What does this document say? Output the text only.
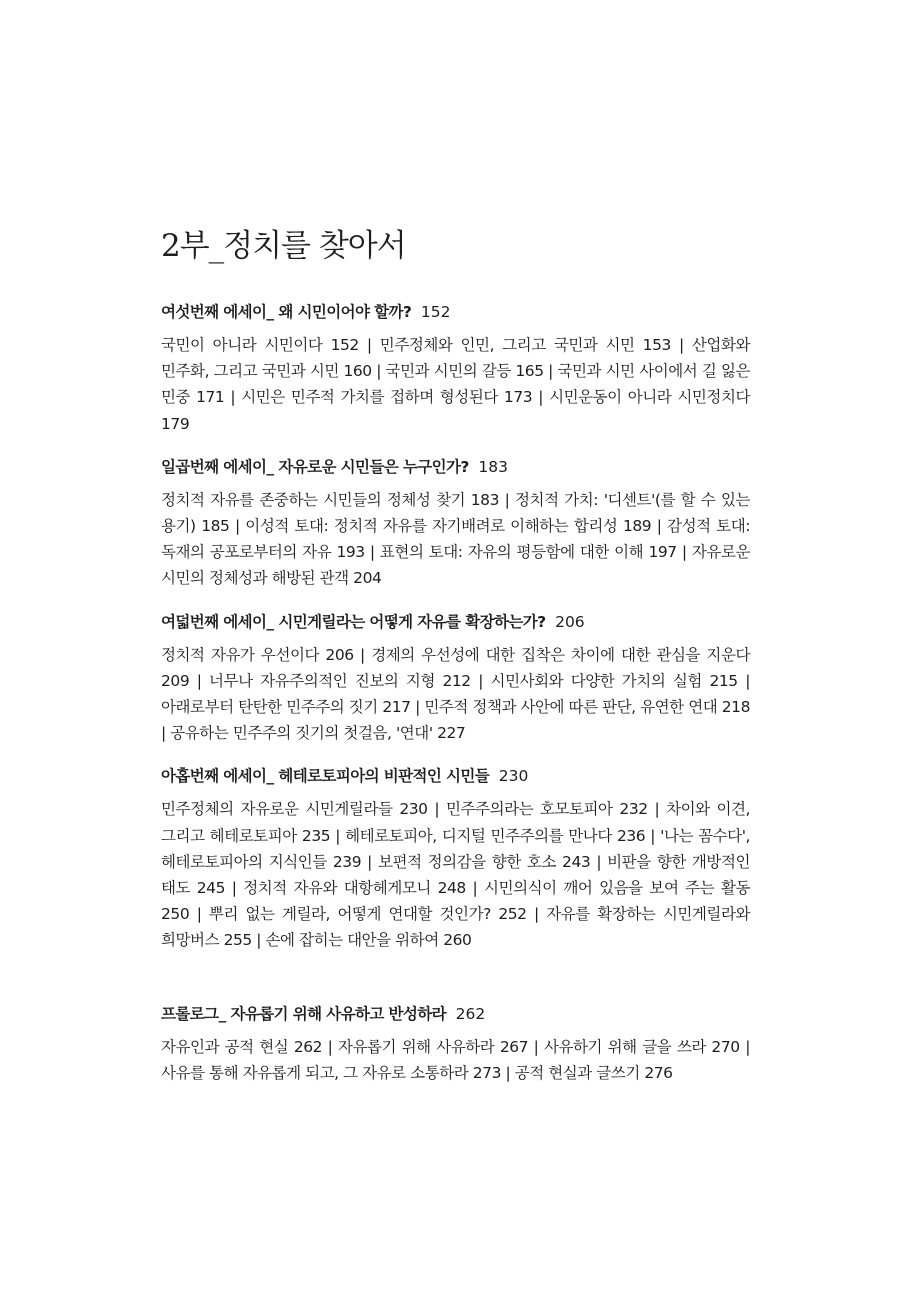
2부_정치를 찾아서
여섯번째 에세이_ 왜 시민이어야 할까? 152

국민이 아니라 시민이다 152 | 민주정체와 인민, 그리고 국민과 시민 153 | 산업화와 민주화, 그리고 국민과 시민 160 | 국민과 시민의 갈등 165 | 국민과 시민 사이에서 길 잃은 민중 171 | 시민은 민주적 가치를 접하며 형성된다 173 | 시민운동이 아니라 시민정치다 179

일곱번째 에세이_ 자유로운 시민들은 누구인가? 183

정치적 자유를 존중하는 시민들의 정체성 찾기 183 | 정치적 가치: '디센트'(를 할 수 있는 용기) 185 | 이성적 토대: 정치적 자유를 자기배려로 이해하는 합리성 189 | 감성적 토대: 독재의 공포로부터의 자유 193 | 표현의 토대: 자유의 평등함에 대한 이해 197 | 자유로운 시민의 정체성과 해방된 관객 204

여덟번째 에세이_ 시민게릴라는 어떻게 자유를 확장하는가? 206

정치적 자유가 우선이다 206 | 경제의 우선성에 대한 집착은 차이에 대한 관심을 지운다 209 | 너무나 자유주의적인 진보의 지형 212 | 시민사회와 다양한 가치의 실험 215 | 아래로부터 탄탄한 민주주의 짓기 217 | 민주적 정책과 사안에 따른 판단, 유연한 연대 218 | 공유하는 민주주의 짓기의 첫걸음, '연대' 227

아홉번째 에세이_ 헤테로토피아의 비판적인 시민들 230

민주정체의 자유로운 시민게릴라들 230 | 민주주의라는 호모토피아 232 | 차이와 이견, 그리고 헤테로토피아 235 | 헤테로토피아, 디지털 민주주의를 만나다 236 | '나는 꼼수다', 헤테로토피아의 지식인들 239 | 보편적 정의감을 향한 호소 243 | 비판을 향한 개방적인 태도 245 | 정치적 자유와 대항헤게모니 248 | 시민의식이 깨어 있음을 보여 주는 활동 250 | 뿌리 없는 게릴라, 어떻게 연대할 것인가? 252 | 자유를 확장하는 시민게릴라와 희망버스 255 | 손에 잡히는 대안을 위하여 260

프롤로그_ 자유롭기 위해 사유하고 반성하라 262

자유인과 공적 현실 262 | 자유롭기 위해 사유하라 267 | 사유하기 위해 글을 쓰라 270 | 사유를 통해 자유롭게 되고, 그 자유로 소통하라 273 | 공적 현실과 글쓰기 276
